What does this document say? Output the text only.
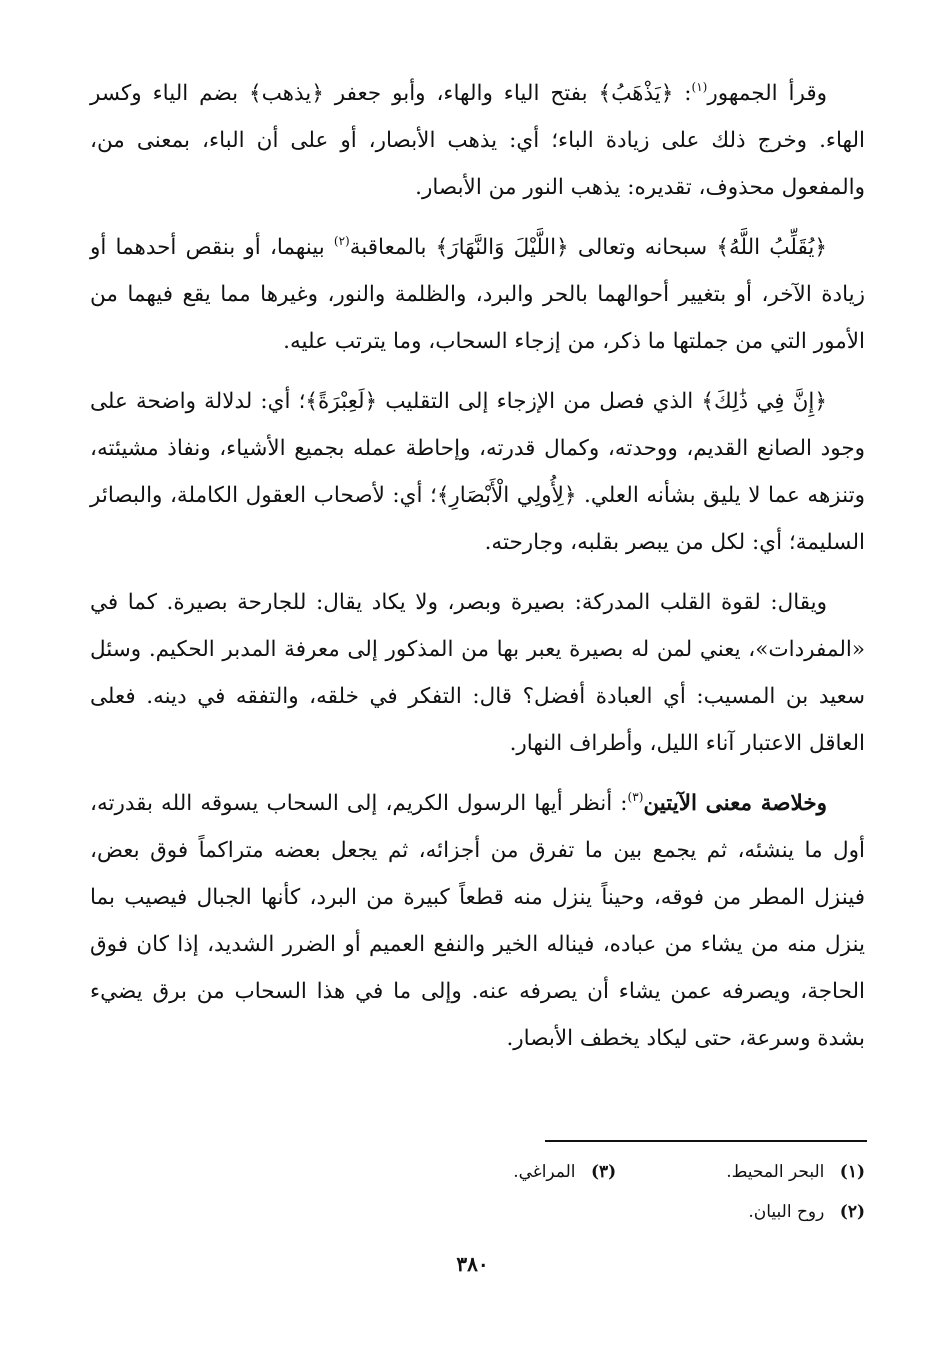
وقرأ الجمهور$^{(١)}$: ﴿يَذْهَبُ﴾ بفتح الياء والهاء، وأبو جعفر ﴿يذهب﴾ بضم الياء وكسر الهاء. وخرج ذلك على زيادة الباء؛ أي: يذهب الأبصار، أو على أن الباء، بمعنى من، والمفعول محذوف، تقديره: يذهب النور من الأبصار.

﴿يُقَلِّبُ اللَّهُ﴾ سبحانه وتعالى ﴿اللَّيْلَ وَالنَّهَارَ﴾ بالمعاقبة$^{(٢)}$ بينهما، أو بنقص أحدهما أو زيادة الآخر، أو بتغيير أحوالهما بالحر والبرد، والظلمة والنور، وغيرها مما يقع فيهما من الأمور التي من جملتها ما ذكر، من إزجاء السحاب، وما يترتب عليه.

﴿إِنَّ فِي ذَٰلِكَ﴾ الذي فصل من الإزجاء إلى التقليب ﴿لَعِبْرَةً﴾؛ أي: لدلالة واضحة على وجود الصانع القديم، ووحدته، وكمال قدرته، وإحاطة عمله بجميع الأشياء، ونفاذ مشيئته، وتنزهه عما لا يليق بشأنه العلي. ﴿لِأُولِي الْأَبْصَارِ﴾؛ أي: لأصحاب العقول الكاملة، والبصائر السليمة؛ أي: لكل من يبصر بقلبه، وجارحته.

ويقال: لقوة القلب المدركة: بصيرة وبصر، ولا يكاد يقال: للجارحة بصيرة. كما في «المفردات»، يعني لمن له بصيرة يعبر بها من المذكور إلى معرفة المدبر الحكيم. وسئل سعيد بن المسيب: أي العبادة أفضل؟ قال: التفكر في خلقه، والتفقه في دينه. فعلى العاقل الاعتبار آناء الليل، وأطراف النهار.

وخلاصة معنى الآيتين$^{(٣)}$: أنظر أيها الرسول الكريم، إلى السحاب يسوقه الله بقدرته، أول ما ينشئه، ثم يجمع بين ما تفرق من أجزائه، ثم يجعل بعضه متراكماً فوق بعض، فينزل المطر من فوقه، وحيناً ينزل منه قطعاً كبيرة من البرد، كأنها الجبال فيصيب بما ينزل منه من يشاء من عباده، فيناله الخير والنفع العميم أو الضرر الشديد، إذا كان فوق الحاجة، ويصرفه عمن يشاء أن يصرفه عنه. وإلى ما في هذا السحاب من برق يضيء بشدة وسرعة، حتى ليكاد يخطف الأبصار.

(١) البحر المحيط.
(٣) المراغي.
(٢) روح البيان.
٣٨٠
